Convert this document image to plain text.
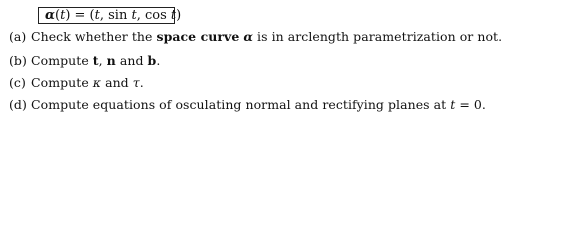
α(t) = (t, sin t, cos t)
(a) Check whether the space curve α is in arclength parametrization or not.
(b) Compute t, n and b.
(c) Compute κ and τ.
(d) Compute equations of osculating normal and rectifying planes at t = 0.
